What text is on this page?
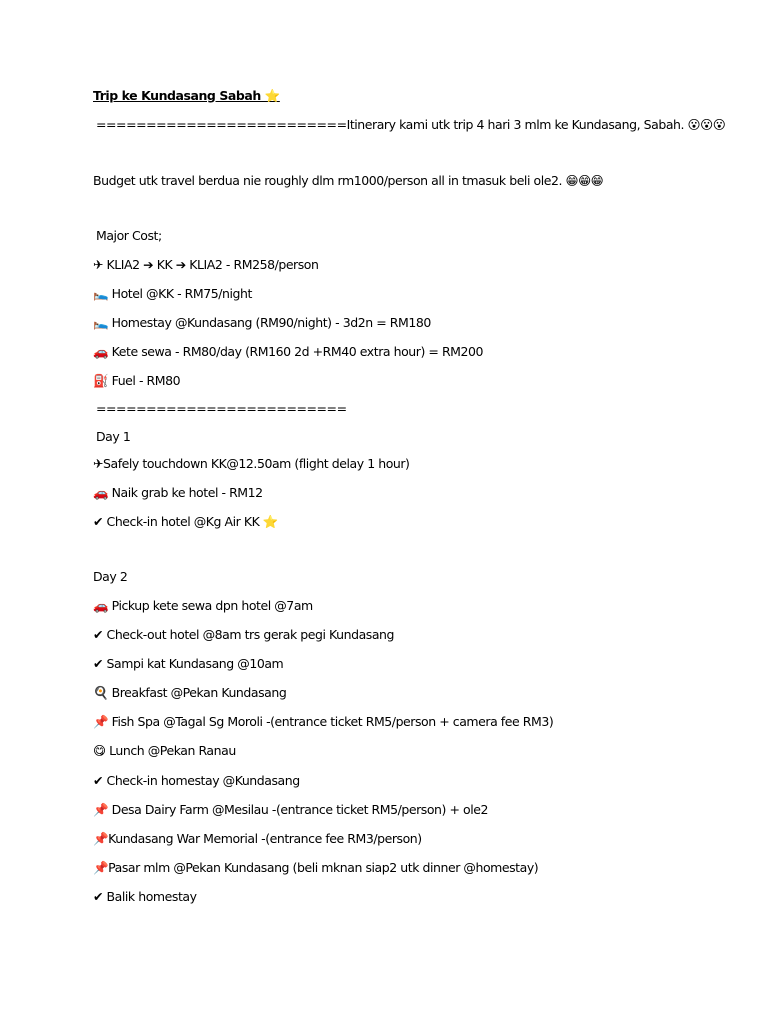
Trip ke Kundasang Sabah ⭐
=========================Itinerary kami utk trip 4 hari 3 mlm ke Kundasang, Sabah. 😮😮😮
Budget utk travel berdua nie roughly dlm rm1000/person all in tmasuk beli ole2. 😁😁😁
Major Cost;
✈ KLIA2 ➔ KK ➔ KLIA2 - RM258/person
🛌 Hotel @KK - RM75/night
🛌 Homestay @Kundasang (RM90/night) - 3d2n = RM180
🚗 Kete sewa - RM80/day (RM160 2d +RM40 extra hour) = RM200
⛽ Fuel - RM80
=========================
Day 1
✈Safely touchdown KK@12.50am (flight delay 1 hour)
🚗 Naik grab ke hotel - RM12
✔ Check-in hotel @Kg Air KK ⭐
Day 2
🚗 Pickup kete sewa dpn hotel @7am
✔ Check-out hotel @8am trs gerak pegi Kundasang
✔ Sampi kat Kundasang @10am
🍳 Breakfast @Pekan Kundasang
📌 Fish Spa @Tagal Sg Moroli -(entrance ticket RM5/person + camera fee RM3)
😋 Lunch @Pekan Ranau
✔ Check-in homestay @Kundasang
📌 Desa Dairy Farm @Mesilau -(entrance ticket RM5/person) + ole2
📌Kundasang War Memorial -(entrance fee RM3/person)
📌Pasar mlm @Pekan Kundasang (beli mknan siap2 utk dinner @homestay)
✔ Balik homestay
